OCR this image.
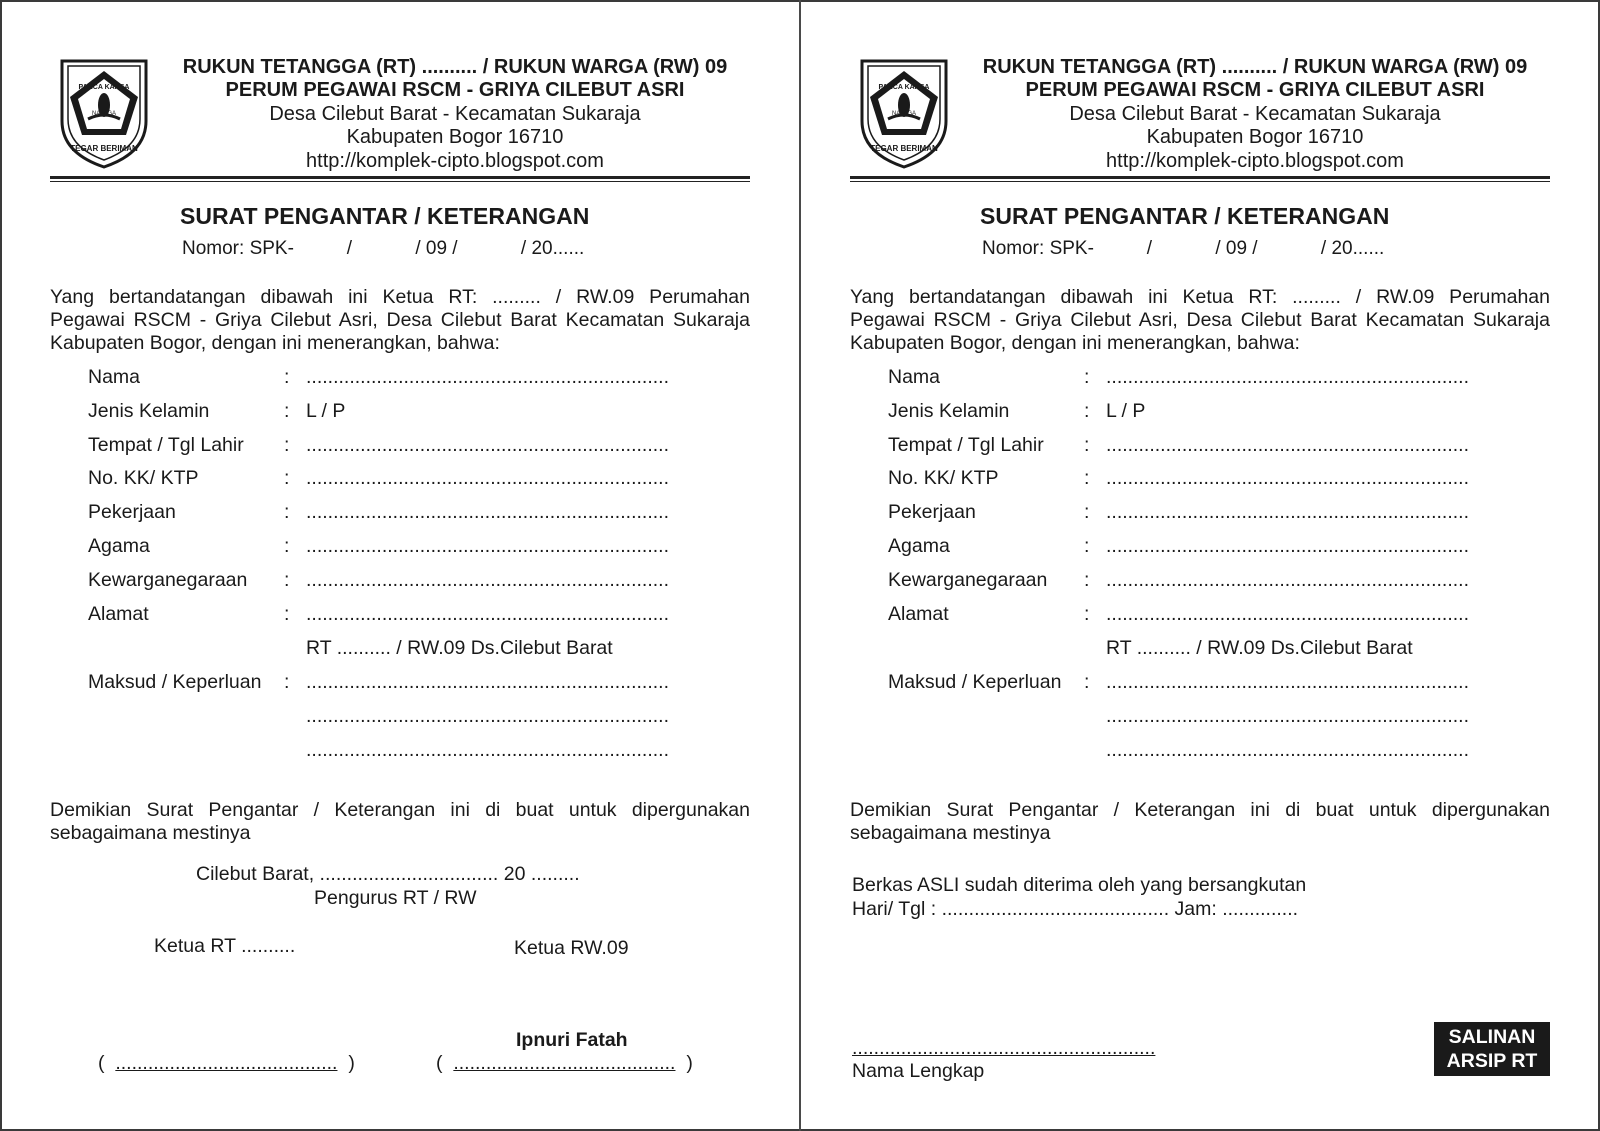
PANCA KARSA
NAYAGA
TEGAR BERIMAN
RUKUN TETANGGA (RT) .......... / RUKUN WARGA (RW) 09
PERUM PEGAWAI RSCM - GRIYA CILEBUT ASRI
Desa Cilebut Barat - Kecamatan Sukaraja
Kabupaten Bogor 16710
http://komplek-cipto.blogspot.com
SURAT PENGANTAR / KETERANGAN
Nomor: SPK-          /            / 09 /            / 20......
Yang bertandatangan dibawah ini Ketua RT: ......... / RW.09 Perumahan
Pegawai RSCM - Griya Cilebut Asri, Desa Cilebut Barat Kecamatan Sukaraja
Kabupaten Bogor, dengan ini menerangkan, bahwa:
Nama	: ...................................................................
Jenis Kelamin	: L / P
Tempat / Tgl Lahir : ...................................................................
No. KK/ KTP	: ...................................................................
Pekerjaan	: ...................................................................
Agama	: ...................................................................
Kewarganegaraan : ...................................................................
Alamat	: ...................................................................
RT .......... / RW.09 Ds.Cilebut Barat
Maksud / Keperluan : ...................................................................
...................................................................
...................................................................
Demikian Surat Pengantar / Keterangan ini di buat untuk dipergunakan
sebagaimana mestinya
Cilebut Barat, ................................. 20 .........
Pengurus RT / RW
Ketua RT ..........	Ketua RW.09
Ipnuri Fatah
( ......................................... )	( ......................................... )
PANCA KARSA
NAYAGA
TEGAR BERIMAN
RUKUN TETANGGA (RT) .......... / RUKUN WARGA (RW) 09
PERUM PEGAWAI RSCM - GRIYA CILEBUT ASRI
Desa Cilebut Barat - Kecamatan Sukaraja
Kabupaten Bogor 16710
http://komplek-cipto.blogspot.com
SURAT PENGANTAR / KETERANGAN
Nomor: SPK-          /            / 09 /            / 20......
Yang bertandatangan dibawah ini Ketua RT: ......... / RW.09 Perumahan
Pegawai RSCM - Griya Cilebut Asri, Desa Cilebut Barat Kecamatan Sukaraja
Kabupaten Bogor, dengan ini menerangkan, bahwa:
Nama	: ...................................................................
Jenis Kelamin	: L / P
Tempat / Tgl Lahir : ...................................................................
No. KK/ KTP	: ...................................................................
Pekerjaan	: ...................................................................
Agama	: ...................................................................
Kewarganegaraan : ...................................................................
Alamat	: ...................................................................
RT .......... / RW.09 Ds.Cilebut Barat
Maksud / Keperluan : ...................................................................
...................................................................
...................................................................
Demikian Surat Pengantar / Keterangan ini di buat untuk dipergunakan
sebagaimana mestinya
Berkas ASLI sudah diterima oleh yang bersangkutan
Hari/ Tgl : .......................................... Jam: ..............
........................................................
Nama Lengkap
SALINAN
ARSIP RT
